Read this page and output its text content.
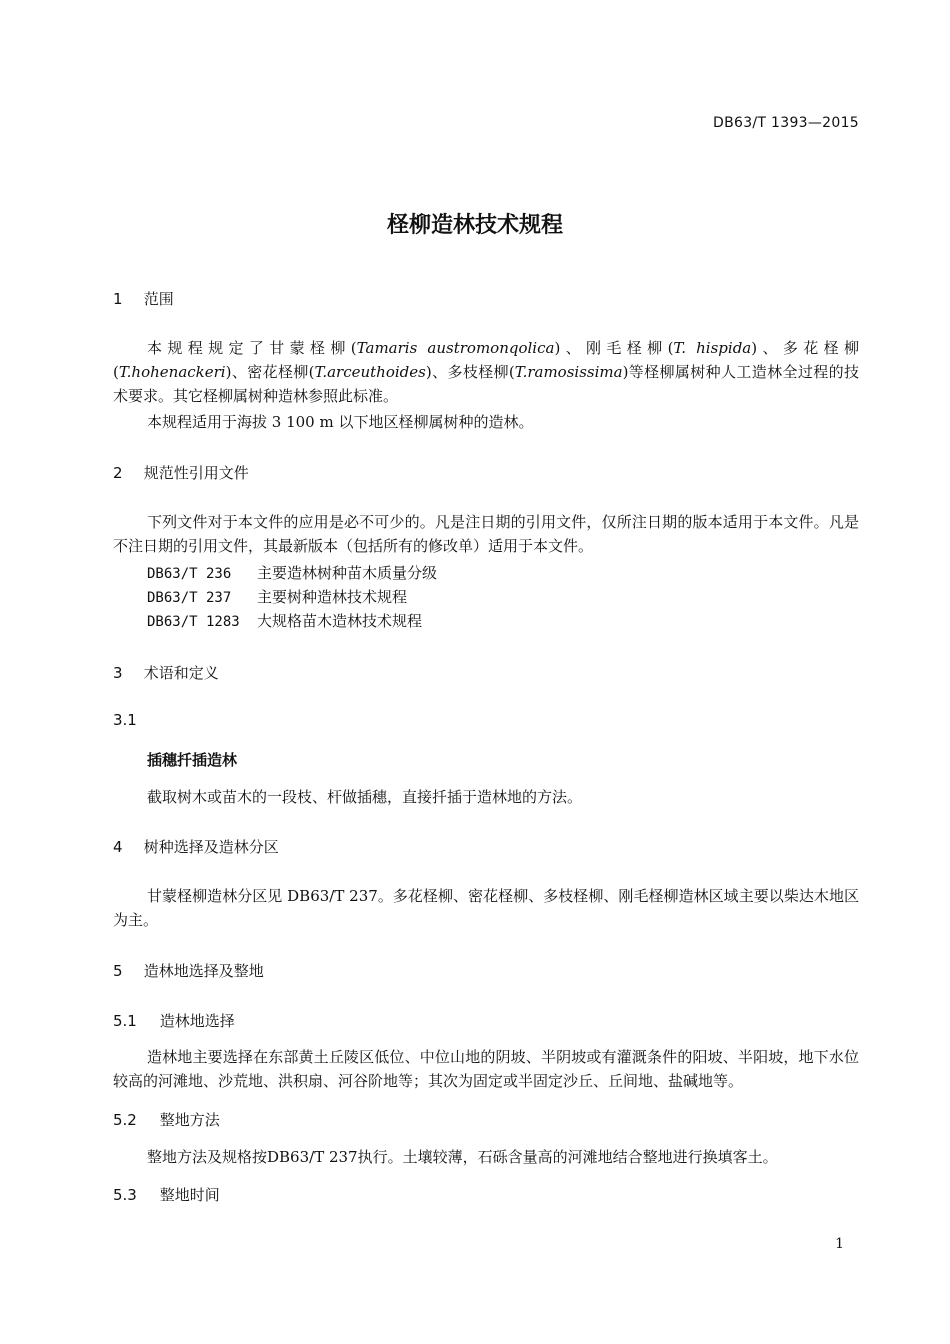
DB63/T 1393—2015
柽柳造林技术规程
1 范围

本规程规定了甘蒙柽柳(Tamaris austromonqolica)、刚毛柽柳(T. hispida)、多花柽柳(T.hohenackeri)、密花柽柳(T.arceuthoides)、多枝柽柳(T.ramosissima)等柽柳属树种人工造林全过程的技术要求。其它柽柳属树种造林参照此标准。

本规程适用于海拔 3 100 m 以下地区柽柳属树种的造林。

2 规范性引用文件

下列文件对于本文件的应用是必不可少的。凡是注日期的引用文件，仅所注日期的版本适用于本文件。凡是不注日期的引用文件，其最新版本（包括所有的修改单）适用于本文件。

DB63/T 236 主要造林树种苗木质量分级
DB63/T 237 主要树种造林技术规程
DB63/T 1283 大规格苗木造林技术规程
3 术语和定义
3.1
插穗扦插造林

截取树木或苗木的一段枝、杆做插穗，直接扦插于造林地的方法。

4 树种选择及造林分区

甘蒙柽柳造林分区见 DB63/T 237。多花柽柳、密花柽柳、多枝柽柳、刚毛柽柳造林区域主要以柴达木地区为主。

5 造林地选择及整地
5.1 造林地选择

造林地主要选择在东部黄土丘陵区低位、中位山地的阴坡、半阴坡或有灌溉条件的阳坡、半阳坡，地下水位较高的河滩地、沙荒地、洪积扇、河谷阶地等；其次为固定或半固定沙丘、丘间地、盐碱地等。

5.2 整地方法

整地方法及规格按DB63/T 237执行。土壤较薄，石砾含量高的河滩地结合整地进行换填客土。

5.3 整地时间
1
